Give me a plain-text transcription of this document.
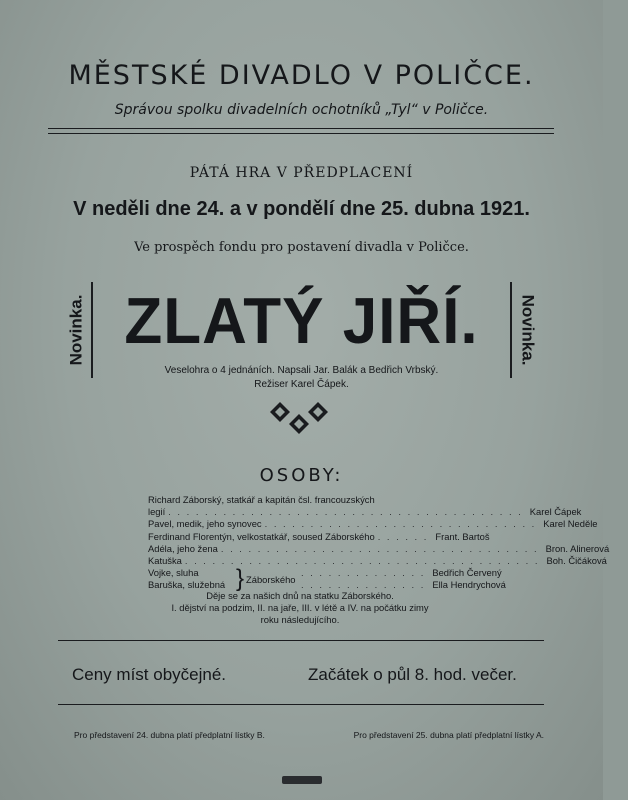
MĚSTSKÉ DIVADLO V POLIČCE.
Správou spolku divadelních ochotníků „Tyl“ v Poličce.
PÁTÁ HRA V PŘEDPLACENÍ
V neděli dne 24. a v pondělí dne 25. dubna 1921.
Ve prospěch fondu pro postavení divadla v Poličce.
Novinka. ZLATÝ JIŘÍ.	Novinka.
Veselohra o 4 jednáních. Napsali Jar. Balák a Bedřich Vrbský.
Režiser Karel Čápek.
OSOBY:
Richard Záborský, statkář a kapitán čsl. francouzských
legií . . . . . . . . . . . . . . . . . . . . . . . . . . . . . . . . . . . . . . . Karel Čápek
Pavel, medik, jeho synovec . . . . . . . . . . . . . . . . . . . . . . . . . . . . . . Karel Neděle
Ferdinand Florentýn, velkostatkář, soused Záborského . . . . . . Frant. Bartoš
Adéla, jeho žena . . . . . . . . . . . . . . . . . . . . . . . . . . . . . . . . . . . Bron. Alinerová
Katuška . . . . . . . . . . . . . . . . . . . . . . . . . . . . . . . . . . . . . . . Boh. Čičáková
Vojke, sluha	. . . . . . . . . . . . . . Bedřich Červený
Baruška, služebná	. . . . . . . . . . . . . . Ella Hendrychová
} Záborského
Děje se za našich dnů na statku Záborského.
I. dějství na podzim, II. na jaře, III. v létě a IV. na počátku zimy
roku následujícího.
Ceny míst obyčejné.	Začátek o půl 8. hod. večer.
Pro představení 24. dubna platí předplatní lístky B.	Pro představení 25. dubna platí předplatní lístky A.
